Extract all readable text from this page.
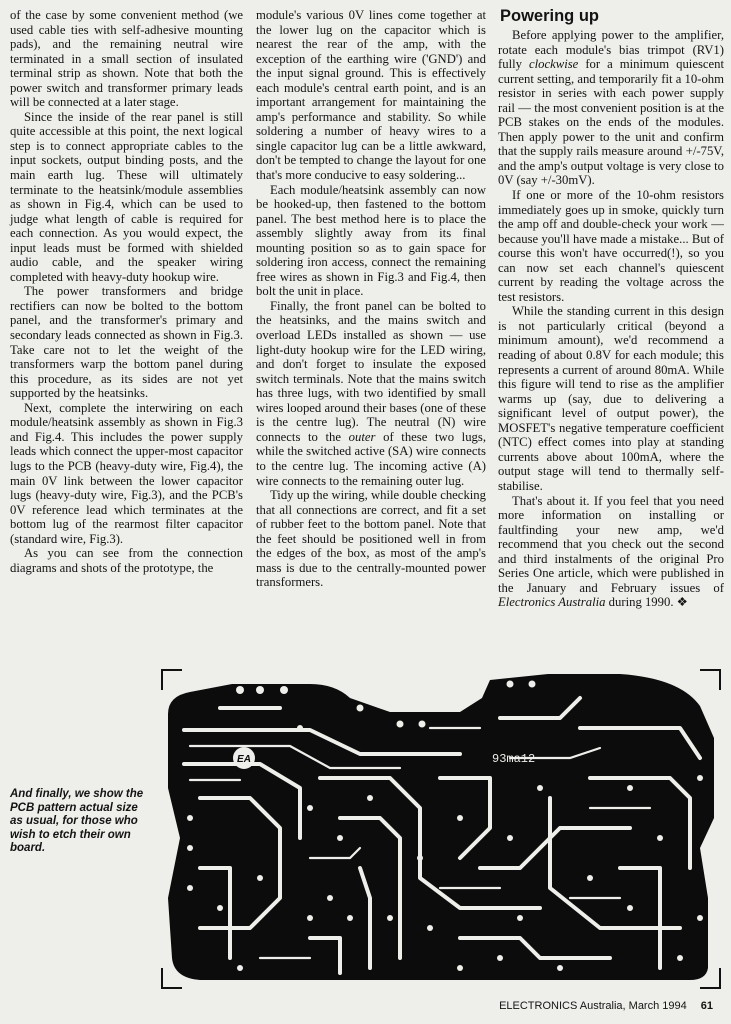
of the case by some convenient method (we used cable ties with self-adhesive mounting pads), and the remaining neutral wire terminated in a small section of insulated terminal strip as shown. Note that both the power switch and transformer primary leads will be connected at a later stage.

Since the inside of the rear panel is still quite accessible at this point, the next logical step is to connect appropriate cables to the input sockets, output binding posts, and the main earth lug. These will ultimately terminate to the heatsink/module assemblies as shown in Fig.4, which can be used to judge what length of cable is required for each connection. As you would expect, the input leads must be formed with shielded audio cable, and the speaker wiring completed with heavy-duty hookup wire.

The power transformers and bridge rectifiers can now be bolted to the bottom panel, and the transformer's primary and secondary leads connected as shown in Fig.3. Take care not to let the weight of the transformers warp the bottom panel during this procedure, as its sides are not yet supported by the heatsinks.

Next, complete the interwiring on each module/heatsink assembly as shown in Fig.3 and Fig.4. This includes the power supply leads which connect the upper-most capacitor lugs to the PCB (heavy-duty wire, Fig.4), the main 0V link between the lower capacitor lugs (heavy-duty wire, Fig.3), and the PCB's 0V reference lead which terminates at the bottom lug of the rearmost filter capacitor (standard wire, Fig.3).

As you can see from the connection diagrams and shots of the prototype, the

module's various 0V lines come together at the lower lug on the capacitor which is nearest the rear of the amp, with the exception of the earthing wire ('GND') and the input signal ground. This is effectively each module's central earth point, and is an important arrangement for maintaining the amp's performance and stability. So while soldering a number of heavy wires to a single capacitor lug can be a little awkward, don't be tempted to change the layout for one that's more conducive to easy soldering...

Each module/heatsink assembly can now be hooked-up, then fastened to the bottom panel. The best method here is to place the assembly slightly away from its final mounting position so as to gain space for soldering iron access, connect the remaining free wires as shown in Fig.3 and Fig.4, then bolt the unit in place.

Finally, the front panel can be bolted to the heatsinks, and the mains switch and overload LEDs installed as shown — use light-duty hookup wire for the LED wiring, and don't forget to insulate the exposed switch terminals. Note that the mains switch has three lugs, with two identified by small wires looped around their bases (one of these is the centre lug). The neutral (N) wire connects to the outer of these two lugs, while the switched active (SA) wire connects to the centre lug. The incoming active (A) wire connects to the remaining outer lug.

Tidy up the wiring, while double checking that all connections are correct, and fit a set of rubber feet to the bottom panel. Note that the feet should be positioned well in from the edges of the box, as most of the amp's mass is due to the centrally-mounted power transformers.

Powering up

Before applying power to the amplifier, rotate each module's bias trimpot (RV1) fully clockwise for a minimum quiescent current setting, and temporarily fit a 10-ohm resistor in series with each power supply rail — the most convenient position is at the PCB stakes on the ends of the modules. Then apply power to the unit and confirm that the supply rails measure around +/-75V, and the amp's output voltage is very close to 0V (say +/-30mV).

If one or more of the 10-ohm resistors immediately goes up in smoke, quickly turn the amp off and double-check your work — because you'll have made a mistake... But of course this won't have occurred(!), so you can now set each channel's quiescent current by reading the voltage across the test resistors.

While the standing current in this design is not particularly critical (beyond a minimum amount), we'd recommend a reading of about 0.8V for each module; this represents a current of around 80mA. While this figure will tend to rise as the amplifier warms up (say, due to delivering a significant level of output power), the MOSFET's negative temperature coefficient (NTC) effect comes into play at standing currents above about 100mA, where the output stage will tend to thermally self-stabilise.

That's about it. If you feel that you need more information on installing or faultfinding your new amp, we'd recommend that you check out the second and third instalments of the original Pro Series One article, which were published in the January and February issues of Electronics Australia during 1990. ❖

And finally, we show the PCB pattern actual size as usual, for those who wish to etch their own board.
EA	93ma12
ELECTRONICS Australia, March 1994 61
